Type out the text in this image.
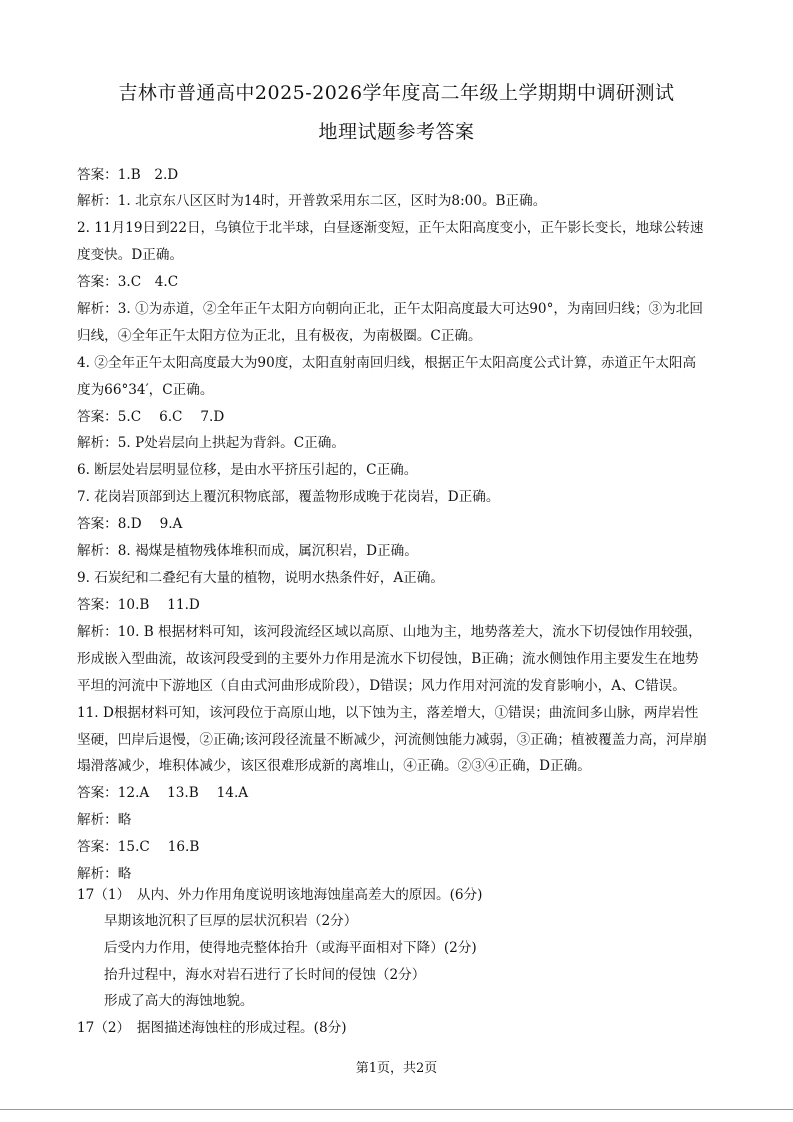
吉林市普通高中2025-2026学年度高二年级上学期期中调研测试
地理试题参考答案
答案：1.B　2.D
解析：1. 北京东八区区时为14时，开普敦采用东二区，区时为8:00。B正确。
2. 11月19日到22日，乌镇位于北半球，白昼逐渐变短，正午太阳高度变小，正午影长变长，地球公转速
度变快。D正确。
答案：3.C　4.C
解析：3. ①为赤道，②全年正午太阳方向朝向正北，正午太阳高度最大可达90°，为南回归线；③为北回
归线，④全年正午太阳方位为正北，且有极夜，为南极圈。C正确。
4. ②全年正午太阳高度最大为90度，太阳直射南回归线，根据正午太阳高度公式计算，赤道正午太阳高
度为66°34′，C正确。
答案：5.C　 6.C　 7.D
解析：5. P处岩层向上拱起为背斜。C正确。
6. 断层处岩层明显位移，是由水平挤压引起的，C正确。
7. 花岗岩顶部到达上覆沉积物底部，覆盖物形成晚于花岗岩，D正确。
答案：8.D　 9.A
解析：8. 褐煤是植物残体堆积而成，属沉积岩，D正确。
9. 石炭纪和二叠纪有大量的植物，说明水热条件好，A正确。
答案：10.B　 11.D
解析：10. B 根据材料可知，该河段流经区域以高原、山地为主，地势落差大，流水下切侵蚀作用较强，
形成嵌入型曲流，故该河段受到的主要外力作用是流水下切侵蚀，B正确；流水侧蚀作用主要发生在地势
平坦的河流中下游地区（自由式河曲形成阶段），D错误；风力作用对河流的发育影响小，A、C错误。
11. D根据材料可知，该河段位于高原山地，以下蚀为主，落差增大，①错误；曲流间多山脉，两岸岩性
坚硬，凹岸后退慢，②正确;该河段径流量不断减少，河流侧蚀能力减弱，③正确；植被覆盖力高，河岸崩
塌滑落减少，堆积体减少，该区很难形成新的离堆山，④正确。②③④正确，D正确。
答案：12.A　 13.B　 14.A
解析：略
答案：15.C　 16.B
解析：略
17（1）　从内、外力作用角度说明该地海蚀崖高差大的原因。(6分)
早期该地沉积了巨厚的层状沉积岩（2分）
后受内力作用，使得地壳整体抬升（或海平面相对下降）(2分)
抬升过程中，海水对岩石进行了长时间的侵蚀（2分）
形成了高大的海蚀地貌。
17（2）　据图描述海蚀柱的形成过程。(8分)
第1页，共2页
